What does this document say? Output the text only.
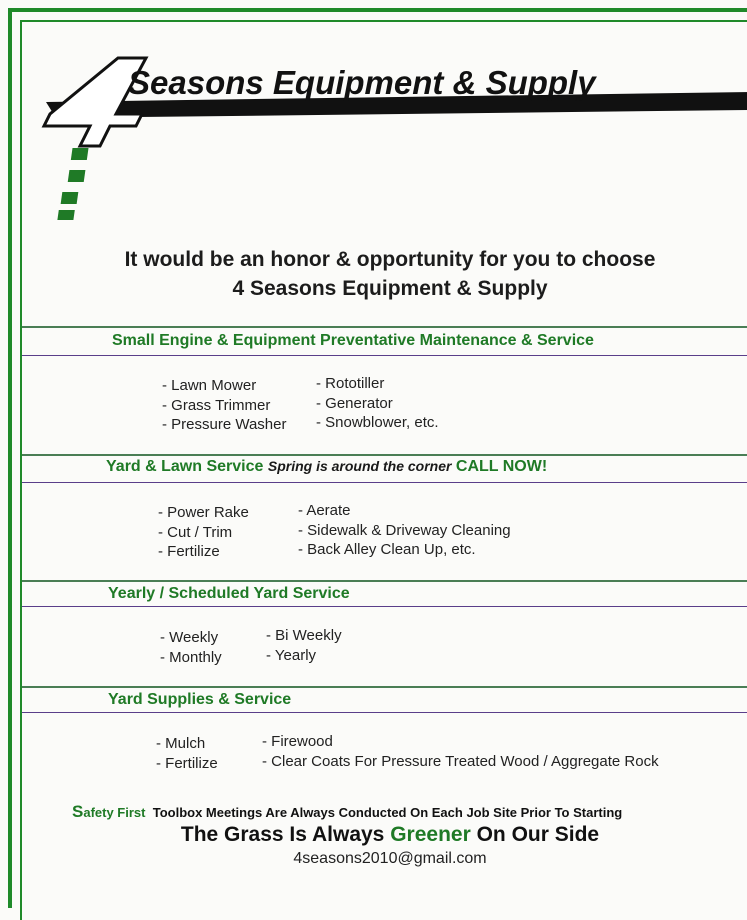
Seasons Equipment & Supply
It would be an honor & opportunity for you to choose
4 Seasons Equipment & Supply
Small Engine & Equipment Preventative Maintenance & Service
- Lawn Mower
- Grass Trimmer
- Pressure Washer
- Rototiller
- Generator
- Snowblower, etc.
Yard & Lawn Service Spring is around the corner CALL NOW!
- Power Rake
- Cut / Trim
- Fertilize
- Aerate
- Sidewalk & Driveway Cleaning
- Back Alley Clean Up, etc.
Yearly / Scheduled Yard Service
- Weekly
- Monthly
- Bi Weekly
- Yearly
Yard Supplies & Service
- Mulch
- Fertilize
- Firewood
- Clear Coats For Pressure Treated Wood / Aggregate Rock
Safety First Toolbox Meetings Are Always Conducted On Each Job Site Prior To Starting
The Grass Is Always Greener On Our Side
4seasons2010@gmail.com
